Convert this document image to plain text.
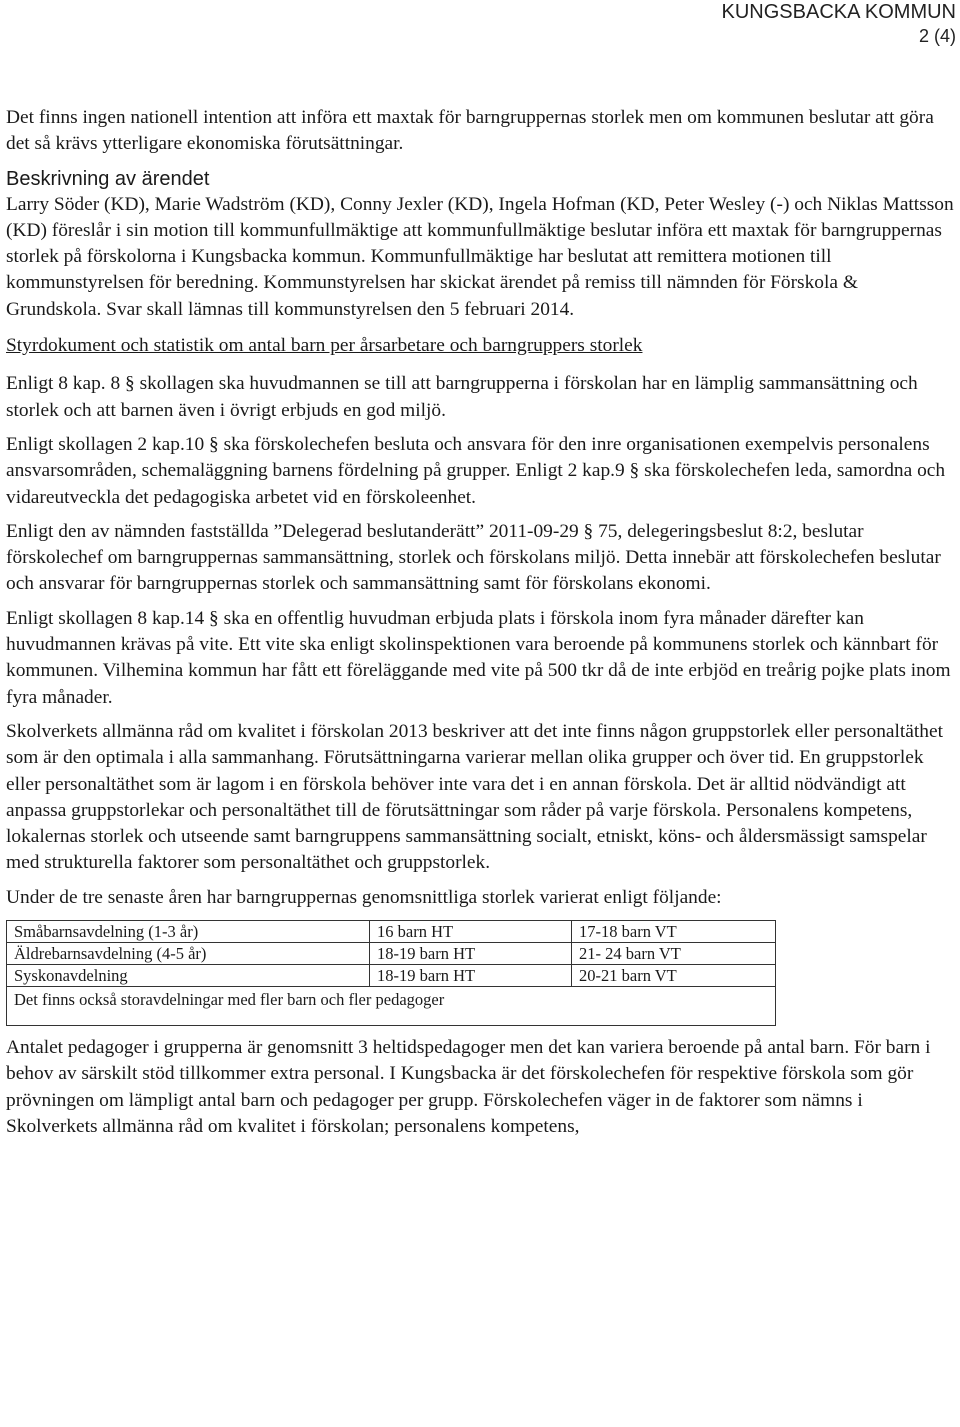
KUNGSBACKA KOMMUN
2 (4)

Det finns ingen nationell intention att införa ett maxtak för barngruppernas storlek men om kommunen beslutar att göra det så krävs ytterligare ekonomiska förutsättningar.

Beskrivning av ärendet

Larry Söder (KD), Marie Wadström (KD), Conny Jexler (KD), Ingela Hofman (KD, Peter Wesley (-) och Niklas Mattsson (KD) föreslår i sin motion till kommunfullmäktige att kommunfullmäktige beslutar införa ett maxtak för barngruppernas storlek på förskolorna i Kungsbacka kommun. Kommunfullmäktige har beslutat att remittera motionen till kommunstyrelsen för beredning. Kommunstyrelsen har skickat ärendet på remiss till nämnden för Förskola & Grundskola. Svar skall lämnas till kommunstyrelsen den 5 februari 2014.

Styrdokument och statistik om antal barn per årsarbetare och barngruppers storlek

Enligt 8 kap. 8 § skollagen ska huvudmannen se till att barngrupperna i förskolan har en lämplig sammansättning och storlek och att barnen även i övrigt erbjuds en god miljö.

Enligt skollagen 2 kap.10 § ska förskolechefen besluta och ansvara för den inre organisationen exempelvis personalens ansvarsområden, schemaläggning barnens fördelning på grupper. Enligt 2 kap.9 § ska förskolechefen leda, samordna och vidareutveckla det pedagogiska arbetet vid en förskoleenhet.

Enligt den av nämnden fastställda ”Delegerad beslutanderätt” 2011-09-29 § 75, delegeringsbeslut 8:2, beslutar förskolechef om barngruppernas sammansättning, storlek och förskolans miljö. Detta innebär att förskolechefen beslutar och ansvarar för barngruppernas storlek och sammansättning samt för förskolans ekonomi.

Enligt skollagen 8 kap.14 § ska en offentlig huvudman erbjuda plats i förskola inom fyra månader därefter kan huvudmannen krävas på vite. Ett vite ska enligt skolinspektionen vara beroende på kommunens storlek och kännbart för kommunen. Vilhemina kommun har fått ett föreläggande med vite på 500 tkr då de inte erbjöd en treårig pojke plats inom fyra månader.

Skolverkets allmänna råd om kvalitet i förskolan 2013 beskriver att det inte finns någon gruppstorlek eller personaltäthet som är den optimala i alla sammanhang. Förutsättningarna varierar mellan olika grupper och över tid. En gruppstorlek eller personaltäthet som är lagom i en förskola behöver inte vara det i en annan förskola. Det är alltid nödvändigt att anpassa gruppstorlekar och personaltäthet till de förutsättningar som råder på varje förskola. Personalens kompetens, lokalernas storlek och utseende samt barngruppens sammansättning socialt, etniskt, köns- och åldersmässigt samspelar med strukturella faktorer som personaltäthet och gruppstorlek.

Under de tre senaste åren har barngruppernas genomsnittliga storlek varierat enligt följande:

Småbarnsavdelning (1-3 år)	16 barn HT	17-18 barn VT
Äldrebarnsavdelning (4-5 år)	18-19 barn HT	21- 24 barn VT
Syskonavdelning	18-19 barn HT	20-21 barn VT
Det finns också storavdelningar med fler barn och fler pedagoger		

Antalet pedagoger i grupperna är genomsnitt 3 heltidspedagoger men det kan variera beroende på antal barn. För barn i behov av särskilt stöd tillkommer extra personal. I Kungsbacka är det förskolechefen för respektive förskola som gör prövningen om lämpligt antal barn och pedagoger per grupp. Förskolechefen väger in de faktorer som nämns i Skolverkets allmänna råd om kvalitet i förskolan; personalens kompetens,
